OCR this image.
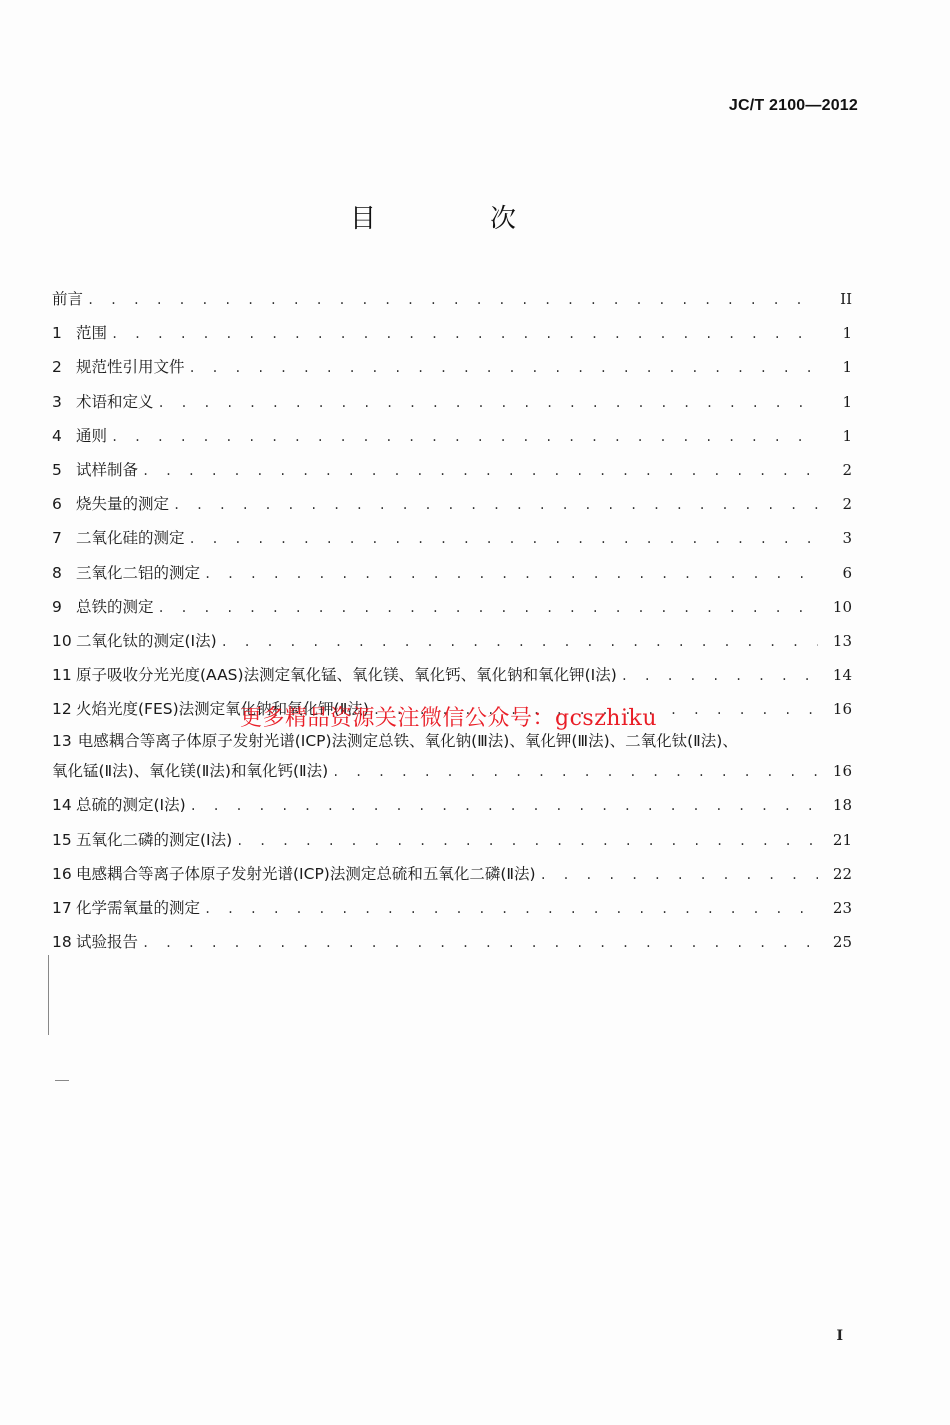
JC/T 2100—2012
目　次
前言 . . .	II
1 范围 . . .	1
2 规范性引用文件 . . .	1
3 术语和定义 . . .	1
4 通则 . . .	1
5 试样制备 . . .	2
6 烧失量的测定 . . .	2
7 二氧化硅的测定 . . .	3
8 三氧化二铝的测定 . . .	6
9 总铁的测定 . . .	10
10 二氧化钛的测定(Ⅰ法) . . .	13
11 原子吸收分光光度(AAS)法测定氧化锰、氧化镁、氧化钙、氧化钠和氧化钾(Ⅰ法) . . .	14
12 火焰光度(FES)法测定氧化钠和氧化钾(Ⅱ法) . . .	16
13 电感耦合等离子体原子发射光谱(ICP)法测定总铁、氧化钠(Ⅲ法)、氧化钾(Ⅲ法)、二氧化钛(Ⅱ法)、
氧化锰(Ⅱ法)、氧化镁(Ⅱ法)和氧化钙(Ⅱ法) . . .	16
14 总硫的测定(Ⅰ法) . . .	18
15 五氧化二磷的测定(Ⅰ法) . . .	21
16 电感耦合等离子体原子发射光谱(ICP)法测定总硫和五氧化二磷(Ⅱ法) . . .	22
17 化学需氧量的测定 . . .	23
18 试验报告 . . .	25
更多精品资源关注微信公众号：gcszhiku
I
